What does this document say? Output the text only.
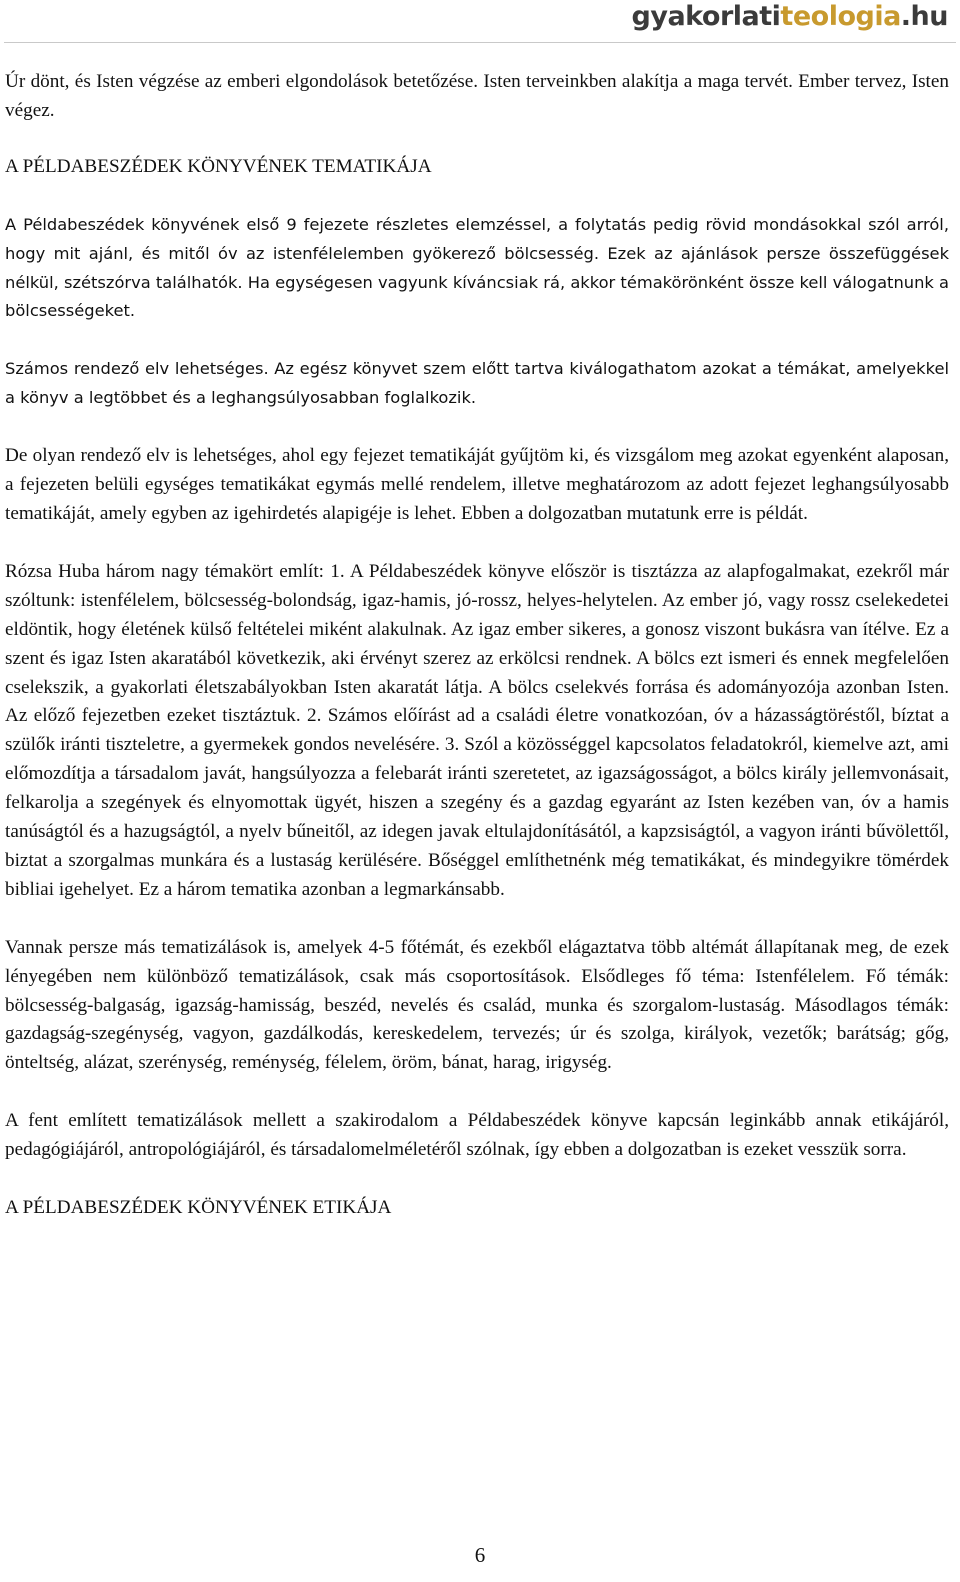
gyakorlatiteologia.hu

Úr dönt, és Isten végzése az emberi elgondolások betetőzése. Isten terveinkben alakítja a maga tervét. Ember tervez, Isten végez.

A PÉLDABESZÉDEK KÖNYVÉNEK TEMATIKÁJA

A Példabeszédek könyvének első 9 fejezete részletes elemzéssel, a folytatás pedig rövid mondásokkal szól arról, hogy mit ajánl, és mitől óv az istenfélelemben gyökerező bölcsesség. Ezek az ajánlások persze összefüggések nélkül, szétszórva találhatók. Ha egységesen vagyunk kíváncsiak rá, akkor témakörönként össze kell válogatnunk a bölcsességeket.

Számos rendező elv lehetséges. Az egész könyvet szem előtt tartva kiválogathatom azokat a témákat, amelyekkel a könyv a legtöbbet és a leghangsúlyosabban foglalkozik.

De olyan rendező elv is lehetséges, ahol egy fejezet tematikáját gyűjtöm ki, és vizsgálom meg azokat egyenként alaposan, a fejezeten belüli egységes tematikákat egymás mellé rendelem, illetve meghatározom az adott fejezet leghangsúlyosabb tematikáját, amely egyben az igehirdetés alapigéje is lehet. Ebben a dolgozatban mutatunk erre is példát.

Rózsa Huba három nagy témakört említ: 1. A Példabeszédek könyve először is tisztázza az alapfogalmakat, ezekről már szóltunk: istenfélelem, bölcsesség-bolondság, igaz-hamis, jó-rossz, helyes-helytelen. Az ember jó, vagy rossz cselekedetei eldöntik, hogy életének külső feltételei miként alakulnak. Az igaz ember sikeres, a gonosz viszont bukásra van ítélve. Ez a szent és igaz Isten akaratából következik, aki érvényt szerez az erkölcsi rendnek. A bölcs ezt ismeri és ennek megfelelően cselekszik, a gyakorlati életszabályokban Isten akaratát látja. A bölcs cselekvés forrása és adományozója azonban Isten. Az előző fejezetben ezeket tisztáztuk. 2. Számos előírást ad a családi életre vonatkozóan, óv a házasságtöréstől, bíztat a szülők iránti tiszteletre, a gyermekek gondos nevelésére. 3. Szól a közösséggel kapcsolatos feladatokról, kiemelve azt, ami előmozdítja a társadalom javát, hangsúlyozza a felebarát iránti szeretetet, az igazságosságot, a bölcs király jellemvonásait, felkarolja a szegények és elnyomottak ügyét, hiszen a szegény és a gazdag egyaránt az Isten kezében van, óv a hamis tanúságtól és a hazugságtól, a nyelv bűneitől, az idegen javak eltulajdonításától, a kapzsiságtól, a vagyon iránti bűvölettől, biztat a szorgalmas munkára és a lustaság kerülésére. Bőséggel említhetnénk még tematikákat, és mindegyikre tömérdek bibliai igehelyet. Ez a három tematika azonban a legmarkánsabb.

Vannak persze más tematizálások is, amelyek 4-5 főtémát, és ezekből elágaztatva több altémát állapítanak meg, de ezek lényegében nem különböző tematizálások, csak más csoportosítások. Elsődleges fő téma: Istenfélelem. Fő témák: bölcsesség-balgaság, igazság-hamisság, beszéd, nevelés és család, munka és szorgalom-lustaság. Másodlagos témák: gazdagság-szegénység, vagyon, gazdálkodás, kereskedelem, tervezés; úr és szolga, királyok, vezetők; barátság; gőg, önteltség, alázat, szerénység, reménység, félelem, öröm, bánat, harag, irigység.

A fent említett tematizálások mellett a szakirodalom a Példabeszédek könyve kapcsán leginkább annak etikájáról, pedagógiájáról, antropológiájáról, és társadalomelméletéről szólnak, így ebben a dolgozatban is ezeket vesszük sorra.

A PÉLDABESZÉDEK KÖNYVÉNEK ETIKÁJA
6
